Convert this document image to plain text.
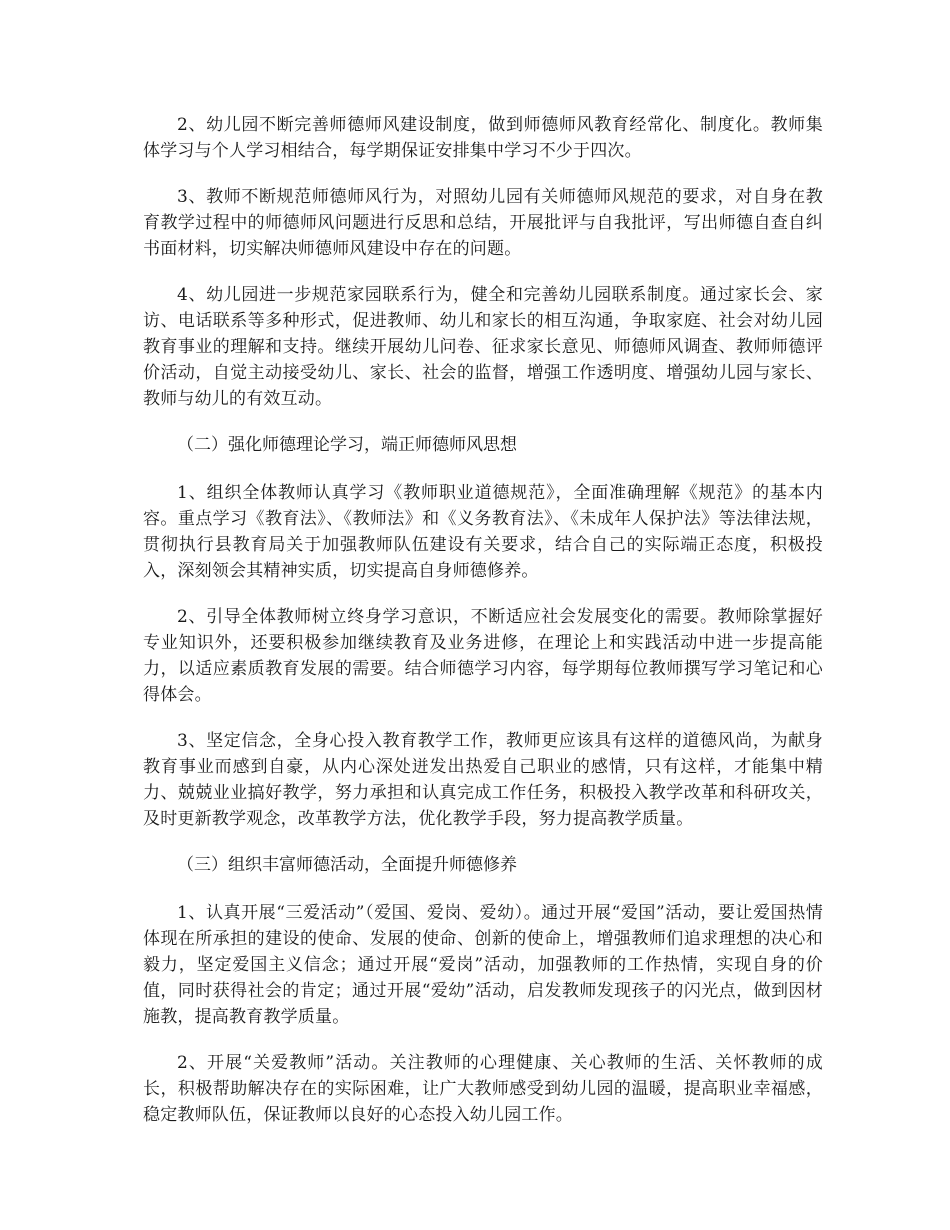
2、幼儿园不断完善师德师风建设制度，做到师德师风教育经常化、制度化。教师集体学习与个人学习相结合，每学期保证安排集中学习不少于四次。

3、教师不断规范师德师风行为，对照幼儿园有关师德师风规范的要求，对自身在教育教学过程中的师德师风问题进行反思和总结，开展批评与自我批评，写出师德自查自纠书面材料，切实解决师德师风建设中存在的问题。

4、幼儿园进一步规范家园联系行为，健全和完善幼儿园联系制度。通过家长会、家访、电话联系等多种形式，促进教师、幼儿和家长的相互沟通，争取家庭、社会对幼儿园教育事业的理解和支持。继续开展幼儿问卷、征求家长意见、师德师风调查、教师师德评价活动，自觉主动接受幼儿、家长、社会的监督，增强工作透明度、增强幼儿园与家长、教师与幼儿的有效互动。

（二）强化师德理论学习，端正师德师风思想

1、组织全体教师认真学习《教师职业道德规范》，全面准确理解《规范》的基本内容。重点学习《教育法》、《教师法》和《义务教育法》、《未成年人保护法》等法律法规，贯彻执行县教育局关于加强教师队伍建设有关要求，结合自己的实际端正态度，积极投入，深刻领会其精神实质，切实提高自身师德修养。

2、引导全体教师树立终身学习意识，不断适应社会发展变化的需要。教师除掌握好专业知识外，还要积极参加继续教育及业务进修，在理论上和实践活动中进一步提高能力，以适应素质教育发展的需要。结合师德学习内容，每学期每位教师撰写学习笔记和心得体会。

3、坚定信念，全身心投入教育教学工作，教师更应该具有这样的道德风尚，为献身教育事业而感到自豪，从内心深处迸发出热爱自己职业的感情，只有这样，才能集中精力、兢兢业业搞好教学，努力承担和认真完成工作任务，积极投入教学改革和科研攻关，及时更新教学观念，改革教学方法，优化教学手段，努力提高教学质量。

（三）组织丰富师德活动，全面提升师德修养

1、认真开展“三爱活动”（爱国、爱岗、爱幼）。通过开展“爱国”活动，要让爱国热情体现在所承担的建设的使命、发展的使命、创新的使命上，增强教师们追求理想的决心和毅力，坚定爱国主义信念；通过开展“爱岗”活动，加强教师的工作热情，实现自身的价值，同时获得社会的肯定；通过开展“爱幼”活动，启发教师发现孩子的闪光点，做到因材施教，提高教育教学质量。

2、开展“关爱教师”活动。关注教师的心理健康、关心教师的生活、关怀教师的成长，积极帮助解决存在的实际困难，让广大教师感受到幼儿园的温暖，提高职业幸福感，稳定教师队伍，保证教师以良好的心态投入幼儿园工作。
